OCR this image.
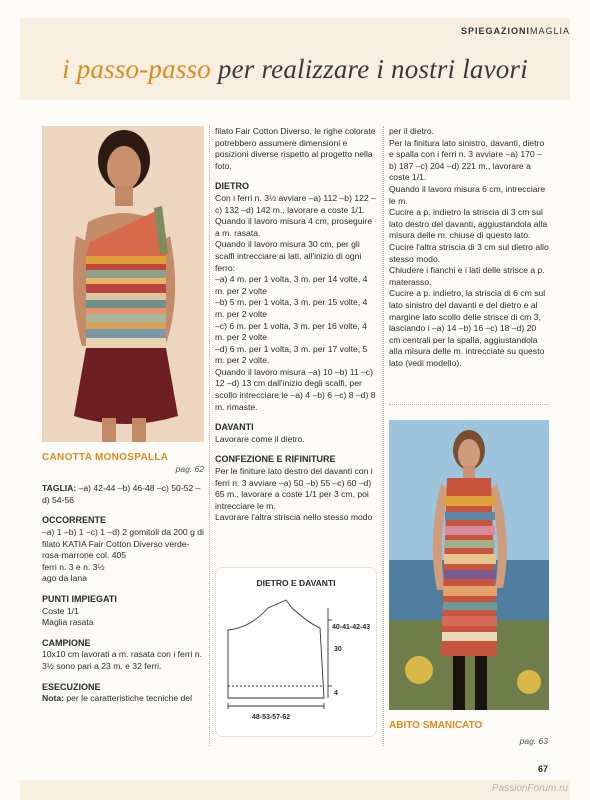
SPIEGAZIONIMAGLIA
i passo-passo per realizzare i nostri lavori
CANOTTA MONOSPALLA
pag. 62

TAGLIA: –a) 42-44 –b) 46-48 –c) 50-52 –d) 54-56

OCCORRENTE

–a) 1 –b) 1 –c) 1 –d) 2 gomitoli da 200 g di filato KATIA Fair Cotton Diverso verde-rosa-marrone col. 405

ferri n. 3 e n. 3½

ago da lana

PUNTI IMPIEGATI

Coste 1/1

Maglia rasata

CAMPIONE

10x10 cm lavorati a m. rasata con i ferri n. 3½ sono pari a 23 m. e 32 ferri.

ESECUZIONE

Nota: per le caratteristiche tecniche del

filato Fair Cotton Diverso, le righe colorate potrebbero assumere dimensioni e posizioni diverse rispetto al progetto nella foto.

DIETRO

Con i ferri n. 3½ avviare –a) 112 –b) 122 –c) 132 –d) 142 m., lavorare a coste 1/1.

Quando il lavoro misura 4 cm, proseguire a m. rasata.

Quando il lavoro misura 30 cm, per gli scalfi intrecciare ai lati, all'inizio di ogni ferro:

–a) 4 m. per 1 volta, 3 m. per 14 volte, 4 m. per 2 volte

–b) 5 m. per 1 volta, 3 m. per 15 volte, 4 m. per 2 volte

–c) 6 m. per 1 volta, 3 m. per 16 volte, 4 m. per 2 volte

–d) 6 m. per 1 volta, 3 m. per 17 volte, 5 m. per 2 volte.

Quando il lavoro misura –a) 10 –b) 11 –c) 12 –d) 13 cm dall'inizio degli scalfi, per scollo intrecciare le –a) 4 –b) 6 –c) 8 –d) 8 m. rimaste.

DAVANTI

Lavorare come il dietro.

CONFEZIONE E RIFINITURE

Per le finiture lato destro del davanti con i ferri n. 3 avviare –a) 50 –b) 55 –c) 60 –d) 65 m., lavorare a coste 1/1 per 3 cm, poi intrecciare le m.

Lavorare l'altra striscia nello stesso modo

DIETRO E DAVANTI
40-41-42-43
30
4
48-53-57-62

per il dietro.

Per la finitura lato sinistro, davanti, dietro e spalla con i ferri n. 3 avviare –a) 170 –b) 187 –c) 204 –d) 221 m., lavorare a coste 1/1.

Quando il lavoro misura 6 cm, intrecciare le m.

Cucire a p. indietro la striscia di 3 cm sul lato destro del davanti, aggiustandola alla misura delle m. chiuse di questo lato.

Cucire l'altra striscia di 3 cm sul dietro allo stesso modo.

Chiudere i fianchi e i lati delle strisce a p. materasso.

Cucire a p. indietro, la striscia di 6 cm sul lato sinistro del davanti e del dietro e al margine lato scollo delle strisce di cm 3, lasciando i –a) 14 –b) 16 –c) 18 –d) 20 cm centrali per la spalla, aggiustandola alla misura delle m. intrecciate su questo lato (vedi modello).

ABITO SMANICATO
pag. 63
67
PassionForum.ru
